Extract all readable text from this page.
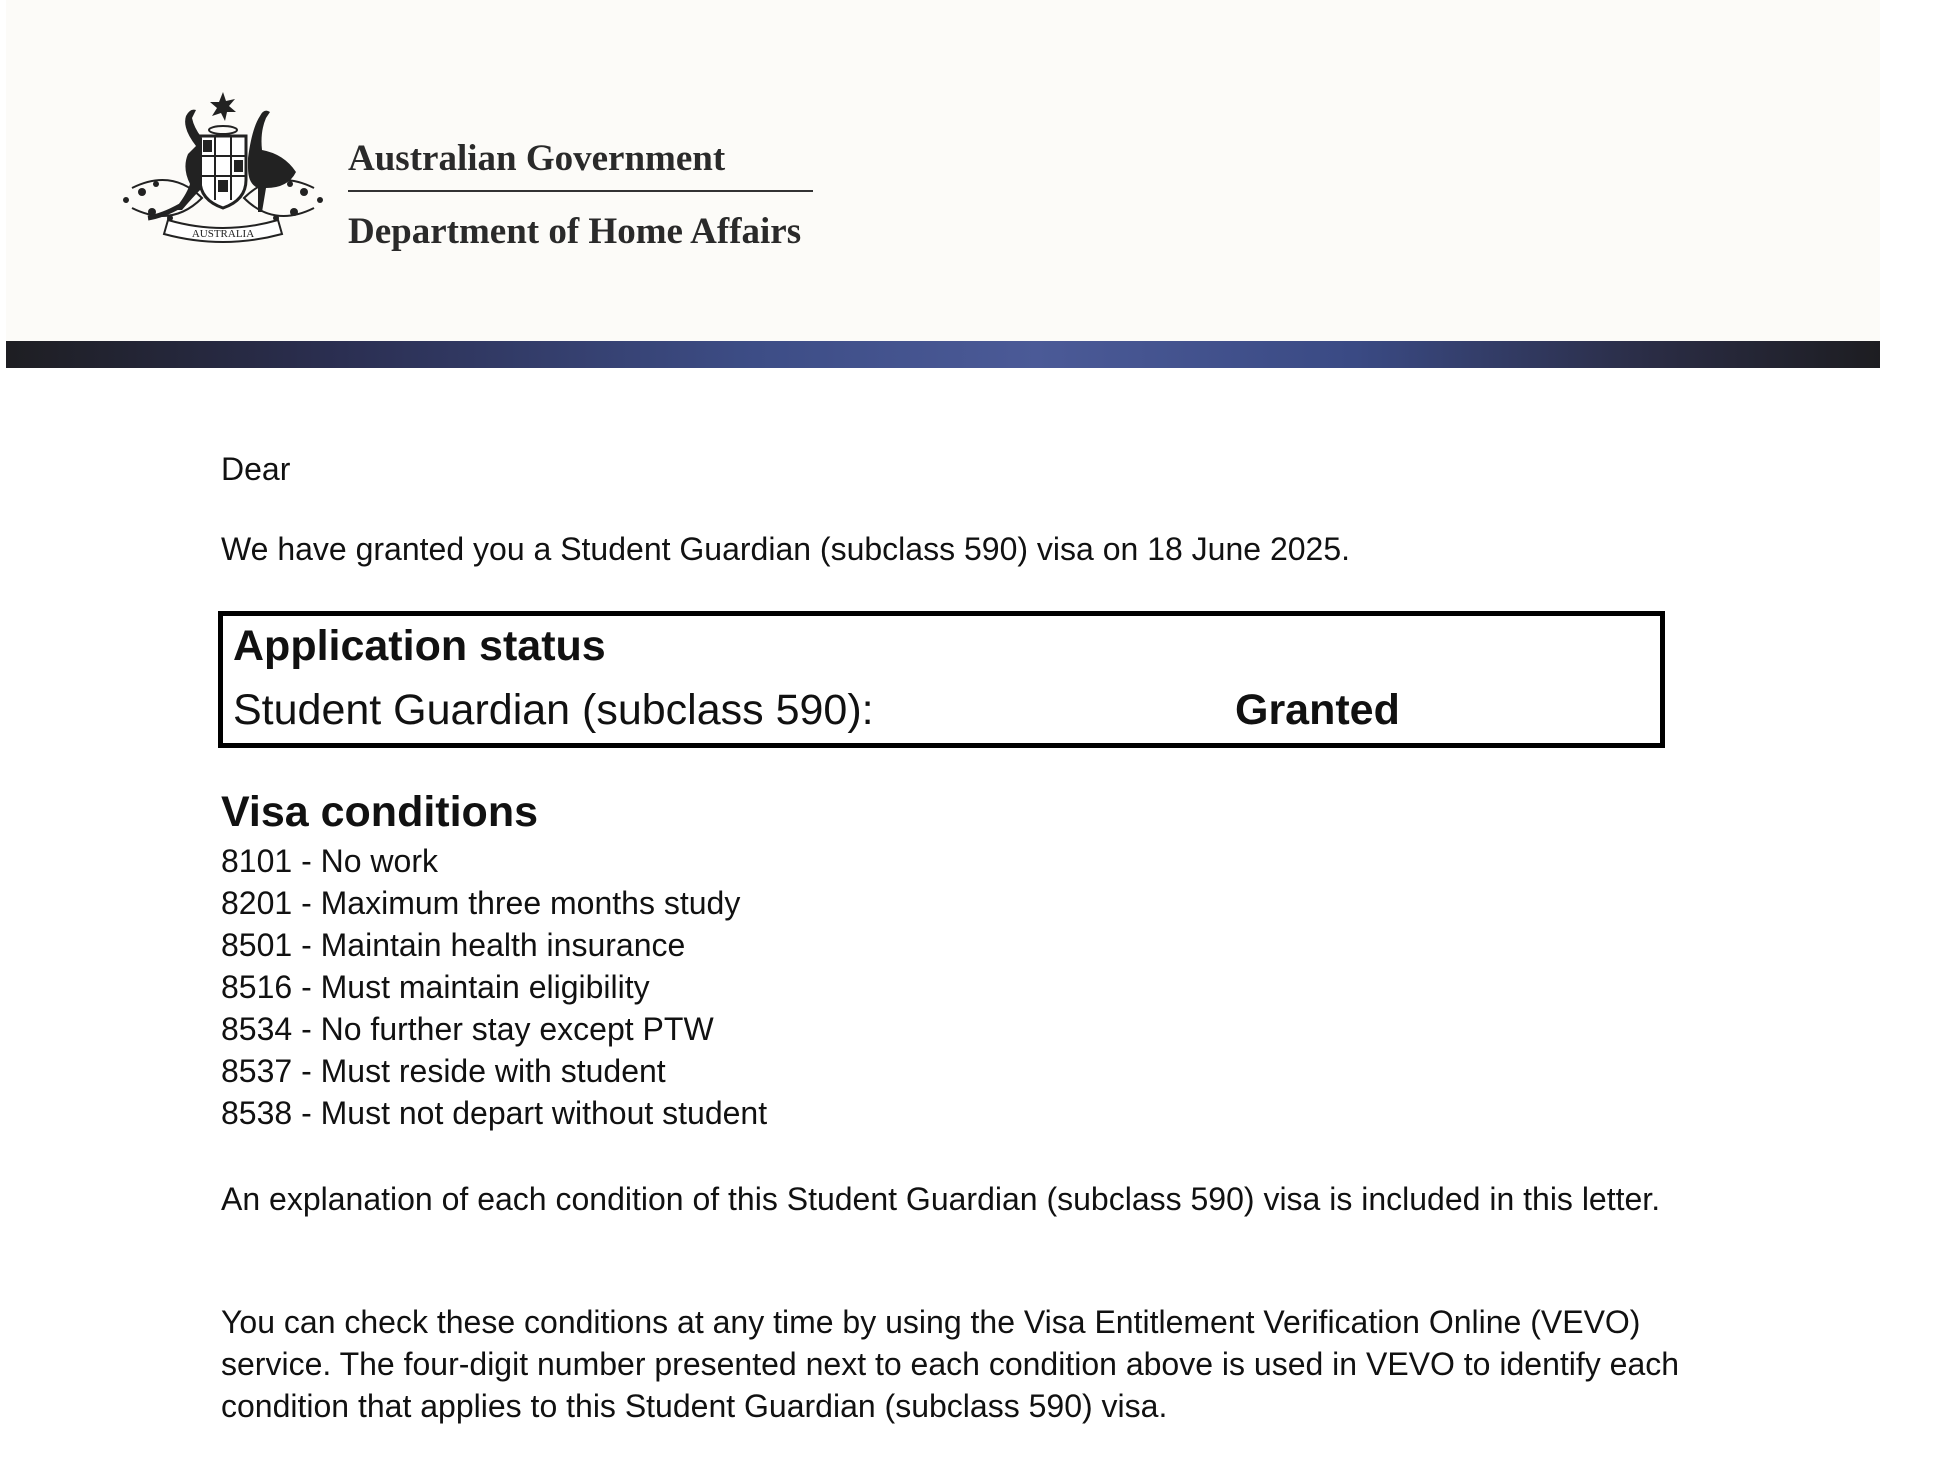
AUSTRALIA
Australian Government
Department of Home Affairs
Dear
We have granted you a Student Guardian (subclass 590) visa on 18 June 2025.
Application status
Student Guardian (subclass 590):	Granted
Visa conditions
8101 - No work
8201 - Maximum three months study
8501 - Maintain health insurance
8516 - Must maintain eligibility
8534 - No further stay except PTW
8537 - Must reside with student
8538 - Must not depart without student
An explanation of each condition of this Student Guardian (subclass 590) visa is included in this letter.
You can check these conditions at any time by using the Visa Entitlement Verification Online (VEVO) service. The four-digit number presented next to each condition above is used in VEVO to identify each condition that applies to this Student Guardian (subclass 590) visa.
